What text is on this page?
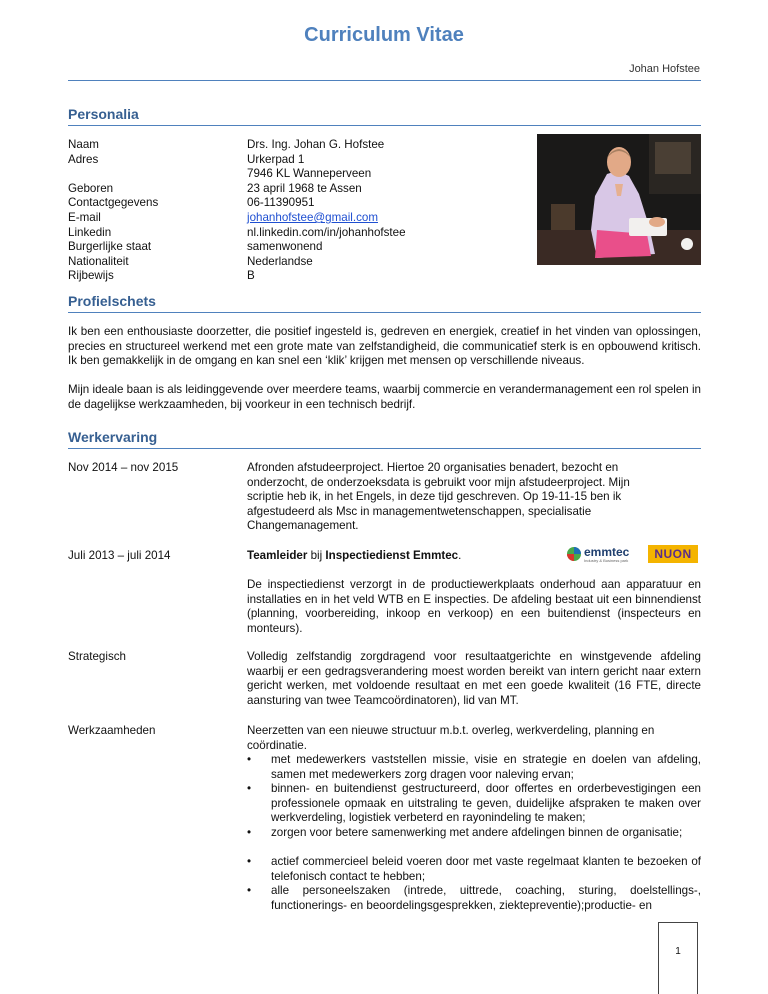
Curriculum Vitae
Johan Hofstee
Personalia
Naam	Drs. Ing. Johan G. Hofstee
Adres	Urkerpad 1
7946 KL Wanneperveen
Geboren	23 april 1968 te Assen
Contactgegevens	06-11390951
E-mail	johanhofstee@gmail.com
Linkedin	nl.linkedin.com/in/johanhofstee
Burgerlijke staat	samenwonend
Nationaliteit	Nederlandse
Rijbewijs	B
Profielschets
Ik ben een enthousiaste doorzetter, die positief ingesteld is, gedreven en energiek, creatief in het vinden van oplossingen, precies en structureel werkend met een grote mate van zelfstandigheid, die communicatief sterk is en opbouwend kritisch. Ik ben gemakkelijk in de omgang en kan snel een ‘klik’ krijgen met mensen op verschillende niveaus.
Mijn ideale baan is als leidinggevende over meerdere teams, waarbij commercie en verandermanagement een rol spelen in de dagelijkse werkzaamheden, bij voorkeur in een technisch bedrijf.
Werkervaring
Nov 2014 – nov 2015	Afronden afstudeerproject. Hiertoe 20 organisaties benadert, bezocht en onderzocht, de onderzoeksdata is gebruikt voor mijn afstudeerproject. Mijn scriptie heb ik, in het Engels, in deze tijd geschreven. Op 19-11-15 ben ik afgestudeerd als Msc in managementwetenschappen, specialisatie Changemanagement.
Juli 2013 – juli 2014	Teamleider bij Inspectiedienst Emmtec.	emmtec
Industry & Business park	NUON
De inspectiedienst verzorgt in de productiewerkplaats onderhoud aan apparatuur en installaties en in het veld WTB en E inspecties. De afdeling bestaat uit een binnendienst (planning, voorbereiding, inkoop en verkoop) en een buitendienst (inspecteurs en monteurs).
Strategisch	Volledig zelfstandig zorgdragend voor resultaatgerichte en winstgevende afdeling waarbij er een gedragsverandering moest worden bereikt van intern gericht naar extern gericht werken, met voldoende resultaat en met een goede kwaliteit (16 FTE, directe aansturing van twee Teamcoördinatoren), lid van MT.
Werkzaamheden	Neerzetten van een nieuwe structuur m.b.t. overleg, werkverdeling, planning en coördinatie.
• met medewerkers vaststellen missie, visie en strategie en doelen van afdeling, samen met medewerkers zorg dragen voor naleving ervan;
• binnen- en buitendienst gestructureerd, door offertes en orderbevestigingen een professionele opmaak en uitstraling te geven, duidelijke afspraken te maken over werkverdeling, logistiek verbeterd en rayonindeling te maken;
• zorgen voor betere samenwerking met andere afdelingen binnen de organisatie;
• actief commercieel beleid voeren door met vaste regelmaat klanten te bezoeken of telefonisch contact te hebben;
• alle personeelszaken (intrede, uittrede, coaching, sturing, doelstellings-, functionerings- en beoordelingsgesprekken, ziektepreventie);productie- en
1
